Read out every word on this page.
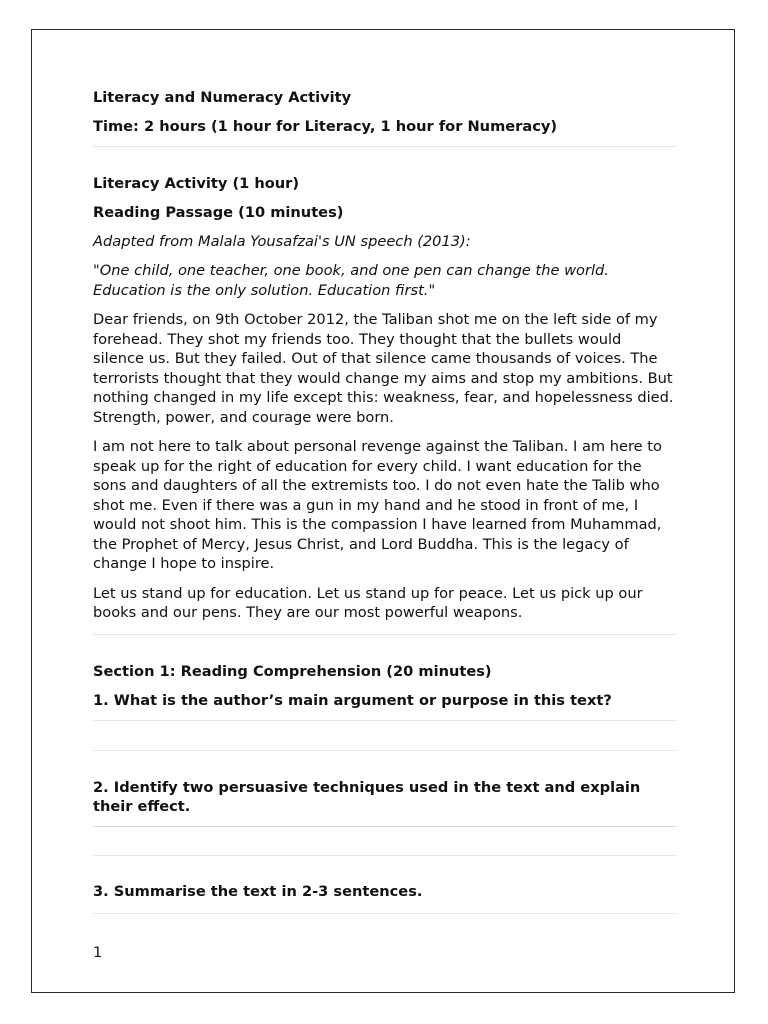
Literacy and Numeracy Activity

Time: 2 hours (1 hour for Literacy, 1 hour for Numeracy)

Literacy Activity (1 hour)

Reading Passage (10 minutes)

Adapted from Malala Yousafzai's UN speech (2013):

"One child, one teacher, one book, and one pen can change the world. Education is the only solution. Education first."

Dear friends, on 9th October 2012, the Taliban shot me on the left side of my forehead. They shot my friends too. They thought that the bullets would silence us. But they failed. Out of that silence came thousands of voices. The terrorists thought that they would change my aims and stop my ambitions. But nothing changed in my life except this: weakness, fear, and hopelessness died. Strength, power, and courage were born.

I am not here to talk about personal revenge against the Taliban. I am here to speak up for the right of education for every child. I want education for the sons and daughters of all the extremists too. I do not even hate the Talib who shot me. Even if there was a gun in my hand and he stood in front of me, I would not shoot him. This is the compassion I have learned from Muhammad, the Prophet of Mercy, Jesus Christ, and Lord Buddha. This is the legacy of change I hope to inspire.

Let us stand up for education. Let us stand up for peace. Let us pick up our books and our pens. They are our most powerful weapons.

Section 1: Reading Comprehension (20 minutes)

1. What is the author’s main argument or purpose in this text?

2. Identify two persuasive techniques used in the text and explain their effect.

3. Summarise the text in 2-3 sentences.

1
